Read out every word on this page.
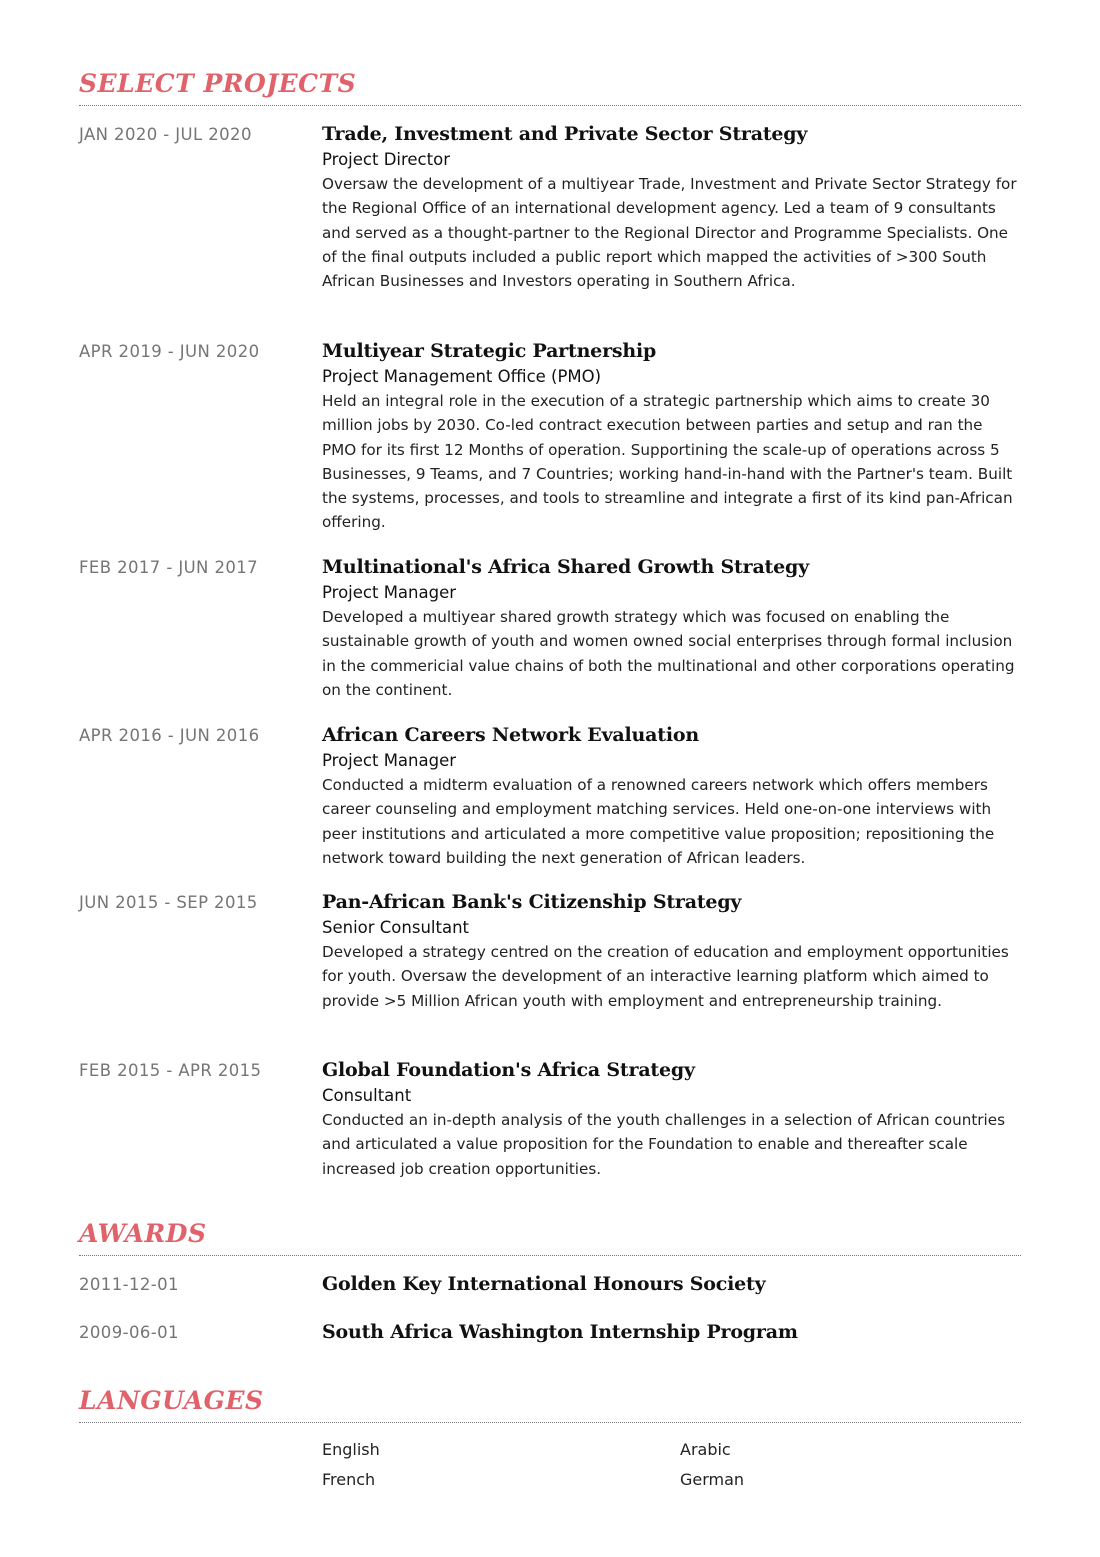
SELECT PROJECTS
JAN 2020 - JUL 2020	Trade, Investment and Private Sector Strategy
Project Director
Oversaw the development of a multiyear Trade, Investment and Private Sector Strategy for the Regional Office of an international development agency. Led a team of 9 consultants and served as a thought-partner to the Regional Director and Programme Specialists. One of the final outputs included a public report which mapped the activities of >300 South African Businesses and Investors operating in Southern Africa.
APR 2019 - JUN 2020	Multiyear Strategic Partnership
Project Management Office (PMO)
Held an integral role in the execution of a strategic partnership which aims to create 30 million jobs by 2030. Co-led contract execution between parties and setup and ran the PMO for its first 12 Months of operation. Supportining the scale-up of operations across 5 Businesses, 9 Teams, and 7 Countries; working hand-in-hand with the Partner's team. Built the systems, processes, and tools to streamline and integrate a first of its kind pan-African offering.
FEB 2017 - JUN 2017	Multinational's Africa Shared Growth Strategy
Project Manager
Developed a multiyear shared growth strategy which was focused on enabling the sustainable growth of youth and women owned social enterprises through formal inclusion in the commericial value chains of both the multinational and other corporations operating on the continent.
APR 2016 - JUN 2016	African Careers Network Evaluation
Project Manager
Conducted a midterm evaluation of a renowned careers network which offers members career counseling and employment matching services. Held one-on-one interviews with peer institutions and articulated a more competitive value proposition; repositioning the network toward building the next generation of African leaders.
JUN 2015 - SEP 2015	Pan-African Bank's Citizenship Strategy
Senior Consultant
Developed a strategy centred on the creation of education and employment opportunities for youth. Oversaw the development of an interactive learning platform which aimed to provide >5 Million African youth with employment and entrepreneurship training.
FEB 2015 - APR 2015	Global Foundation's Africa Strategy
Consultant
Conducted an in-depth analysis of the youth challenges in a selection of African countries and articulated a value proposition for the Foundation to enable and thereafter scale increased job creation opportunities.
AWARDS
2011-12-01	Golden Key International Honours Society
2009-06-01	South Africa Washington Internship Program
LANGUAGES
English	Arabic
French	German
